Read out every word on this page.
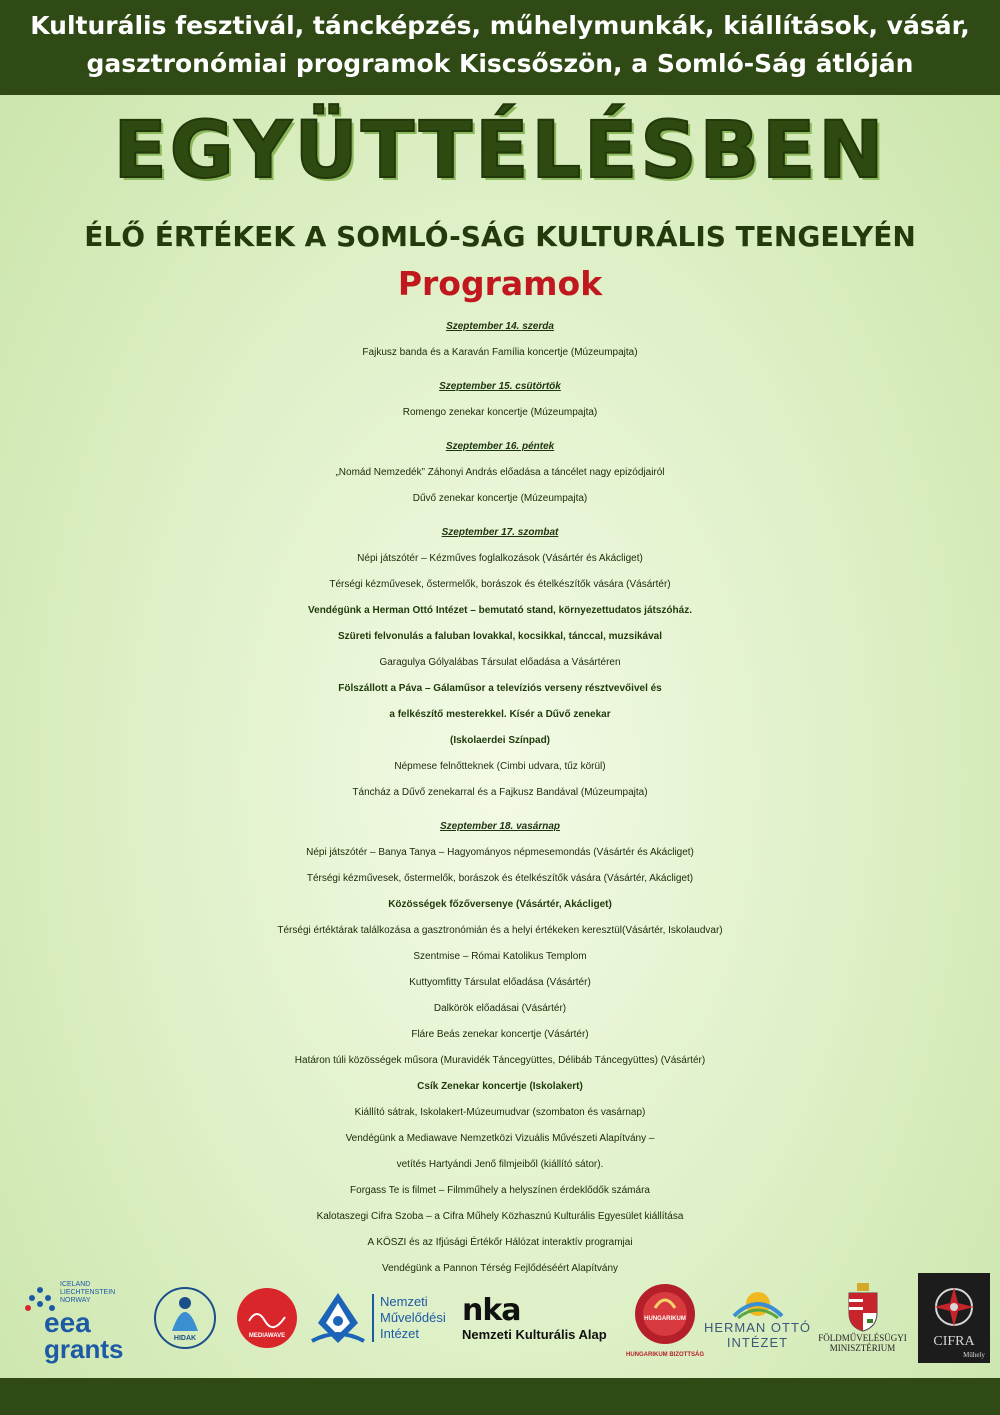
Kulturális fesztivál, táncképzés, műhelymunkák, kiállítások, vásár,
gasztronómiai programok Kiscsőszön, a Somló-Ság átlóján
EGYÜTTÉLÉSBEN
ÉLŐ ÉRTÉKEK A SOMLÓ-SÁG KULTURÁLIS TENGELYÉN
Programok
Szeptember 14. szerda
Fajkusz banda és a Karaván Família koncertje (Múzeumpajta)
Szeptember 15. csütörtök
Romengo zenekar koncertje (Múzeumpajta)
Szeptember 16. péntek
„Nomád Nemzedék” Záhonyi András előadása a táncélet nagy epizódjairól
Dűvő zenekar koncertje (Múzeumpajta)
Szeptember 17. szombat
Népi játszótér – Kézműves foglalkozások (Vásártér és Akácliget)
Térségi kézművesek, őstermelők, borászok és ételkészítők vására (Vásártér)
Vendégünk a Herman Ottó Intézet – bemutató stand, környezettudatos játszóház.
Szüreti felvonulás a faluban lovakkal, kocsikkal, tánccal, muzsikával
Garagulya Gólyalábas Társulat előadása a Vásártéren
Fölszállott a Páva – Gálaműsor a televíziós verseny résztvevőivel és
a felkészítő mesterekkel. Kísér a Dűvő zenekar
(Iskolaerdei Színpad)
Népmese felnőtteknek (Cimbi udvara, tűz körül)
Táncház a Dűvő zenekarral és a Fajkusz Bandával (Múzeumpajta)
Szeptember 18. vasárnap
Népi játszótér – Banya Tanya – Hagyományos népmesemondás (Vásártér és Akácliget)
Térségi kézművesek, őstermelők, borászok és ételkészítők vására (Vásártér, Akácliget)
Közösségek főzőversenye (Vásártér, Akácliget)
Térségi értéktárak találkozása a gasztronómián és a helyi értékeken keresztül(Vásártér, Iskolaudvar)
Szentmise – Római Katolikus Templom
Kuttyomfitty Társulat előadása (Vásártér)
Dalkörök előadásai (Vásártér)
Fláre Beás zenekar koncertje (Vásártér)
Határon túli közösségek műsora (Muravidék Táncegyüttes, Délibáb Táncegyüttes) (Vásártér)
Csík Zenekar koncertje (Iskolakert)
Kiállító sátrak, Iskolakert-Múzeumudvar (szombaton és vasárnap)
Vendégünk a Mediawave Nemzetközi Vizuális Művészeti Alapítvány –
vetítés Hartyándi Jenő filmjeiből (kiállító sátor).
Forgass Te is filmet – Filmműhely a helyszínen érdeklődők számára
Kalotaszegi Cifra Szoba – a Cifra Műhely Közhasznú Kulturális Egyesület kiállítása
A KÖSZI és az Ifjúsági Értékőr Hálózat interaktív programjai
Vendégünk a Pannon Térség Fejlődéséért Alapítvány
ICELAND
LIECHTENSTEIN
NORWAY
eea
grants	HIDAK	MEDIAWAVE
Nemzeti
Művelődési
Intézet
nka
Nemzeti Kulturális Alap
HUNGARIKUM
HUNGARIKUM BIZOTTSÁG
HERMAN OTTÓ
INTÉZET	FÖLDMŰVELÉSÜGYI
MINISZTÉRIUM	CIFRA
Műhely
